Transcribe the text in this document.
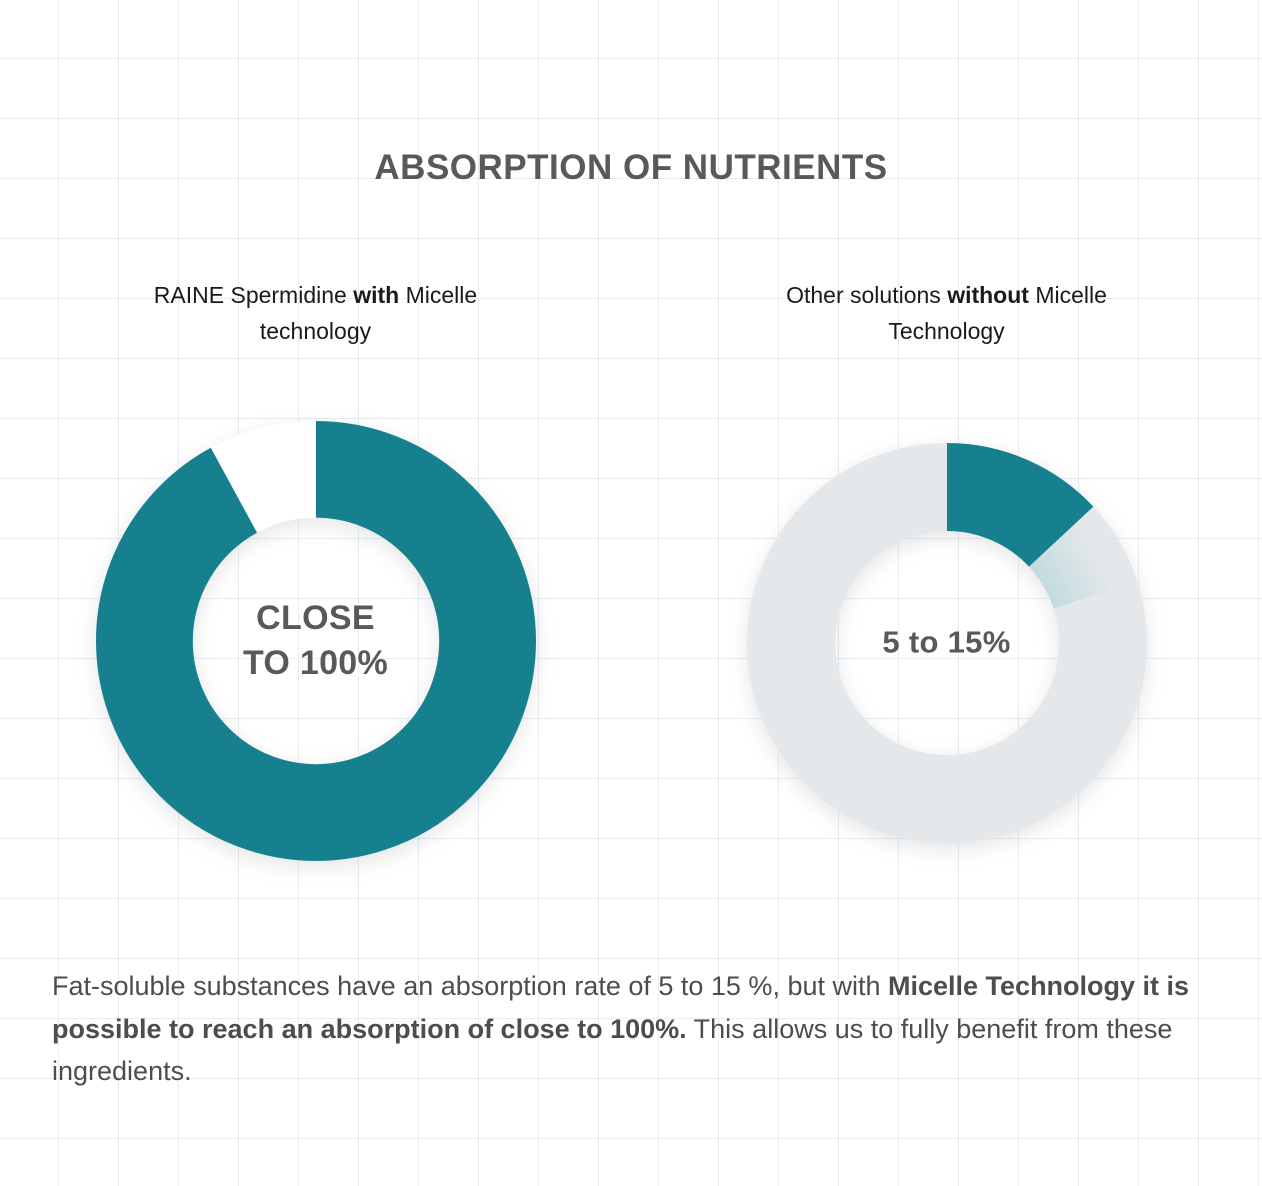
ABSORPTION OF NUTRIENTS
RAINE Spermidine with Micelle technology
CLOSE
TO 100%
Other solutions without Micelle Technology
5 to 15%
Fat-soluble substances have an absorption rate of 5 to 15 %, but with Micelle Technology it is possible to reach an absorption of close to 100%. This allows us to fully benefit from these ingredients.
